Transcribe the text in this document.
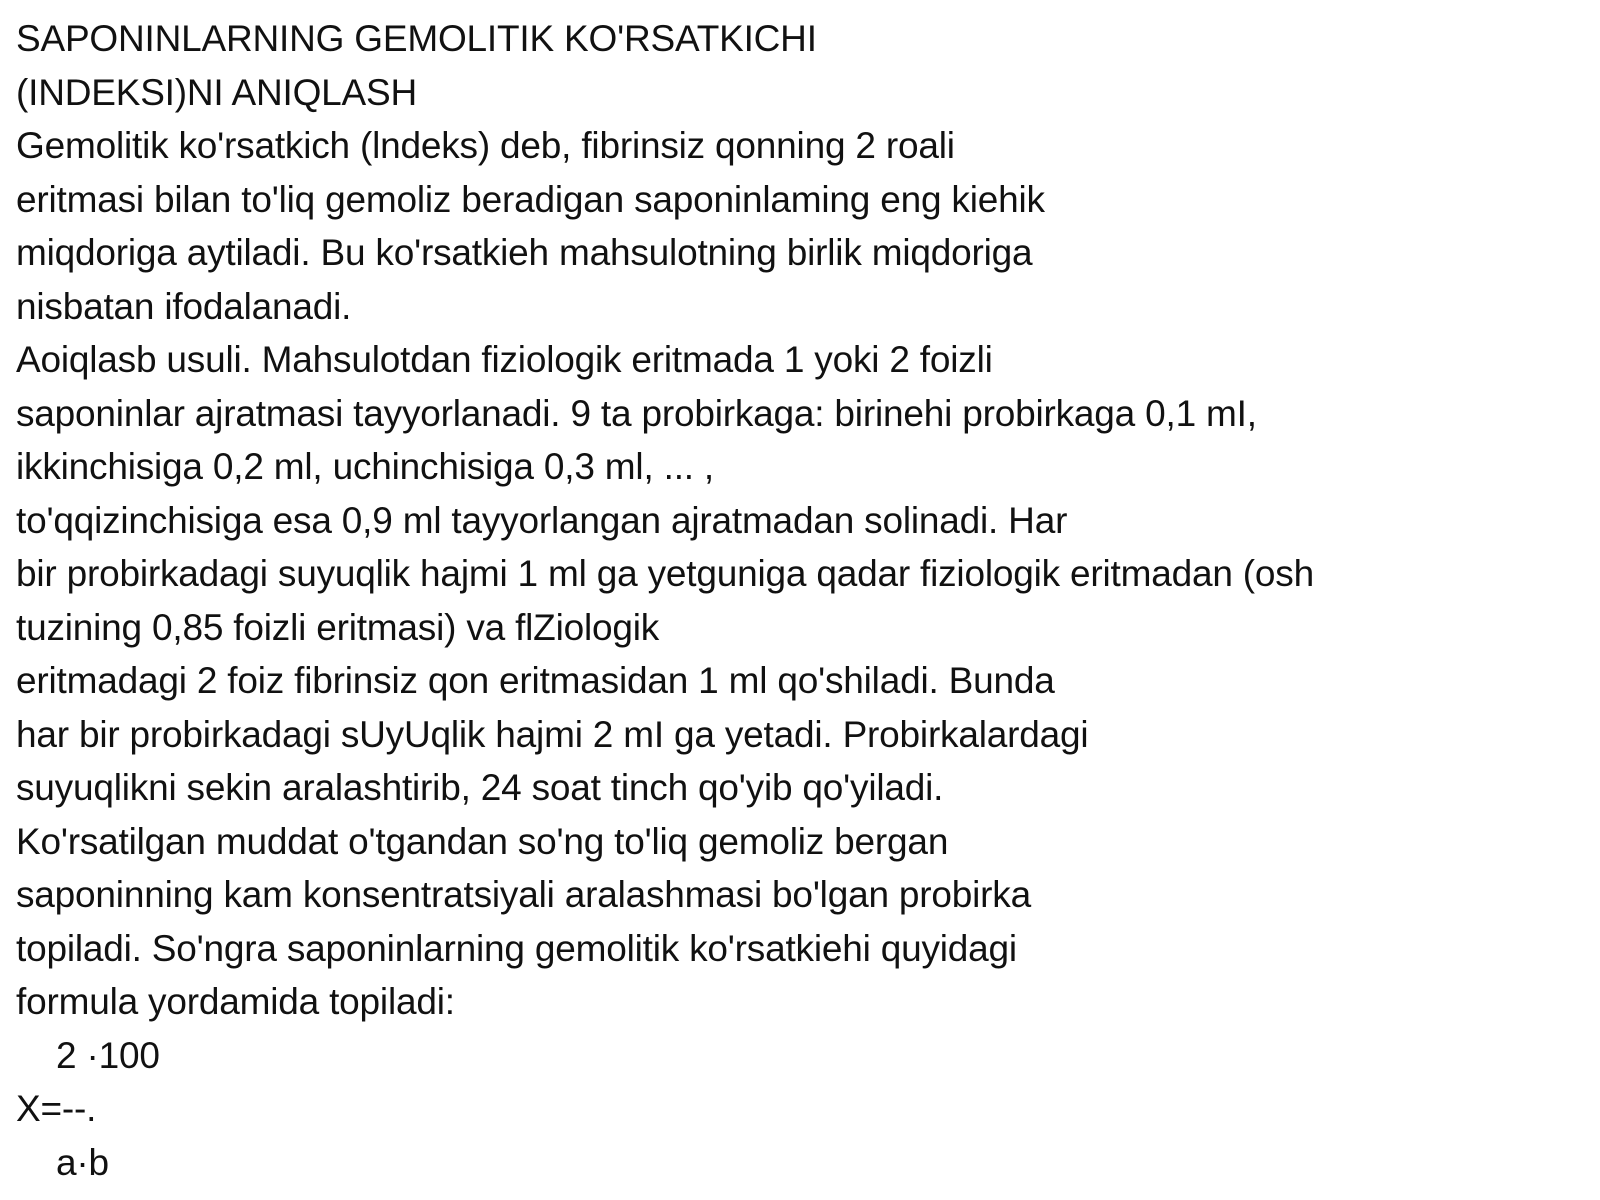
SAPONINLARNING GEMOLITIK KO'RSATKICHI
(INDEKSI)NI ANIQLASH
Gemolitik ko'rsatkich (lndeks) deb, fibrinsiz qonning 2 roali
eritmasi bilan to'liq gemoliz beradigan saponinlaming eng kiehik
miqdoriga aytiladi. Bu ko'rsatkieh mahsulotning birlik miqdoriga
nisbatan ifodalanadi.
Aoiqlasb usuli. Mahsulotdan fiziologik eritmada 1 yoki 2 foizli
saponinlar ajratmasi tayyorlanadi. 9 ta probirkaga: birinehi probirkaga 0,1 mI,
ikkinchisiga 0,2 ml, uchinchisiga 0,3 ml, ... ,
to'qqizinchisiga esa 0,9 ml tayyorlangan ajratmadan solinadi. Har
bir probirkadagi suyuqlik hajmi 1 ml ga yetguniga qadar fiziologik eritmadan (osh
tuzining 0,85 foizli eritmasi) va flZiologik
eritmadagi 2 foiz fibrinsiz qon eritmasidan 1 ml qo'shiladi. Bunda
har bir probirkadagi sUyUqlik hajmi 2 mI ga yetadi. Probirkalardagi
suyuqlikni sekin aralashtirib, 24 soat tinch qo'yib qo'yiladi.
Ko'rsatilgan muddat o'tgandan so'ng to'liq gemoliz bergan
saponinning kam konsentratsiyali aralashmasi bo'lgan probirka
topiladi. So'ngra saponinlarning gemolitik ko'rsatkiehi quyidagi
formula yordamida topiladi:
2 ·100
X=--.
a·b
